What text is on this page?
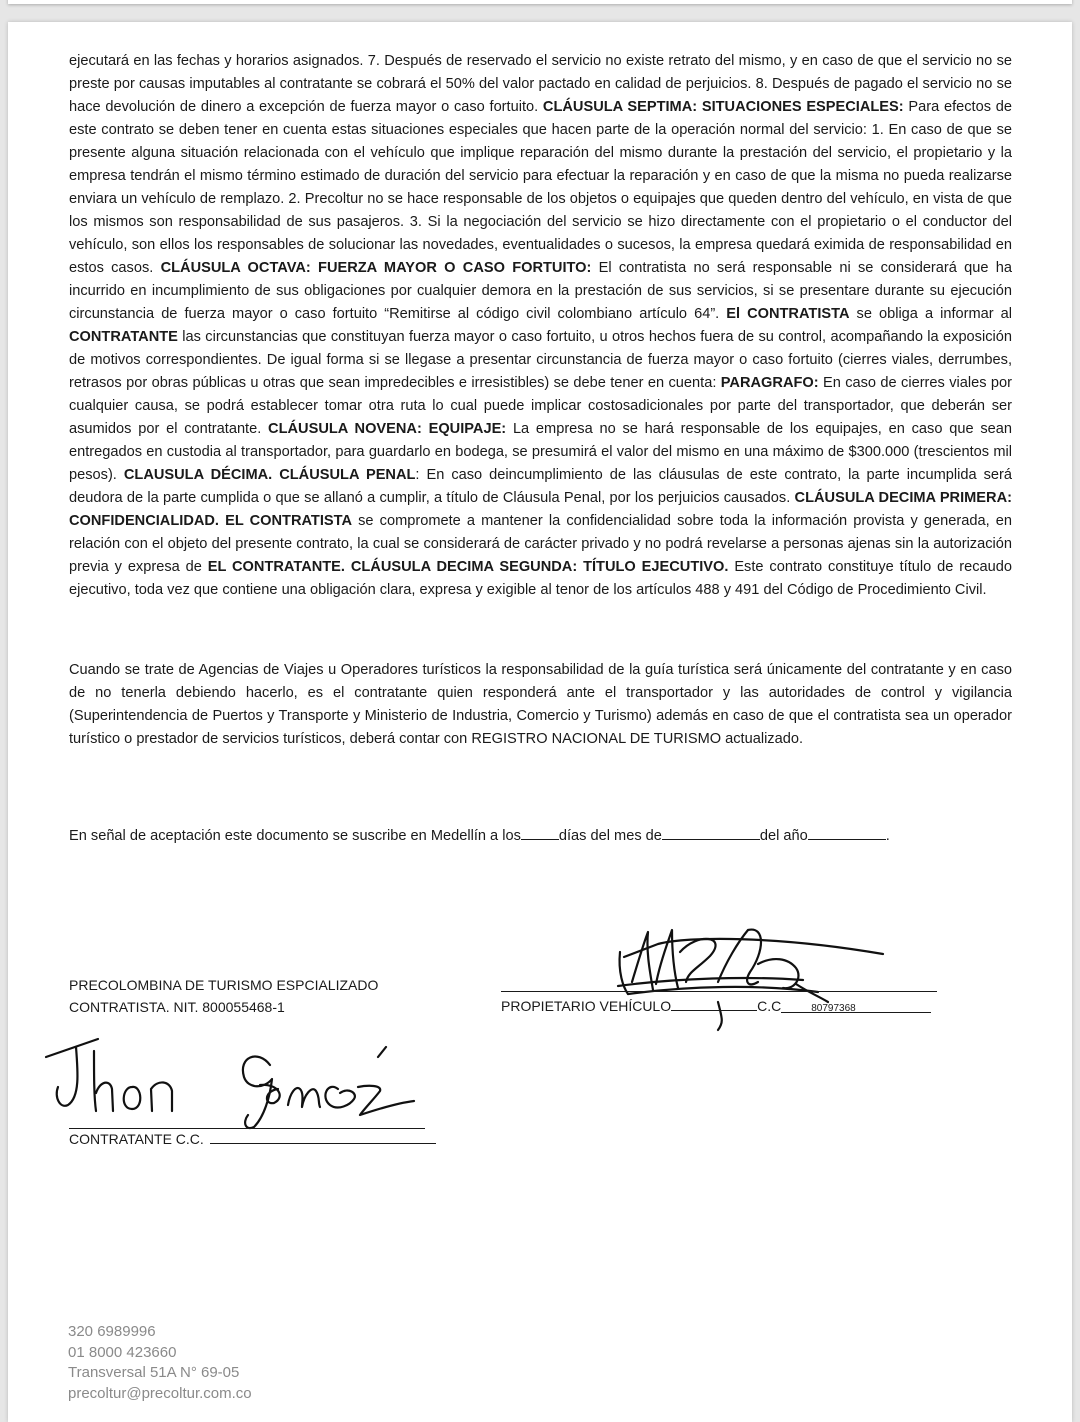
ejecutará en las fechas y horarios asignados. 7. Después de reservado el servicio no existe retrato del mismo, y en caso de que el servicio no se preste por causas imputables al contratante se cobrará el 50% del valor pactado en calidad de perjuicios. 8. Después de pagado el servicio no se hace devolución de dinero a excepción de fuerza mayor o caso fortuito. CLÁUSULA SEPTIMA: SITUACIONES ESPECIALES: Para efectos de este contrato se deben tener en cuenta estas situaciones especiales que hacen parte de la operación normal del servicio: 1. En caso de que se presente alguna situación relacionada con el vehículo que implique reparación del mismo durante la prestación del servicio, el propietario y la empresa tendrán el mismo término estimado de duración del servicio para efectuar la reparación y en caso de que la misma no pueda realizarse enviara un vehículo de remplazo. 2. Precoltur no se hace responsable de los objetos o equipajes que queden dentro del vehículo, en vista de que los mismos son responsabilidad de sus pasajeros. 3. Si la negociación del servicio se hizo directamente con el propietario o el conductor del vehículo, son ellos los responsables de solucionar las novedades, eventualidades o sucesos, la empresa quedará eximida de responsabilidad en estos casos. CLÁUSULA OCTAVA: FUERZA MAYOR O CASO FORTUITO: El contratista no será responsable ni se considerará que ha incurrido en incumplimiento de sus obligaciones por cualquier demora en la prestación de sus servicios, si se presentare durante su ejecución circunstancia de fuerza mayor o caso fortuito “Remitirse al código civil colombiano artículo 64”. El CONTRATISTA se obliga a informar al CONTRATANTE las circunstancias que constituyan fuerza mayor o caso fortuito, u otros hechos fuera de su control, acompañando la exposición de motivos correspondientes. De igual forma si se llegase a presentar circunstancia de fuerza mayor o caso fortuito (cierres viales, derrumbes, retrasos por obras públicas u otras que sean impredecibles e irresistibles) se debe tener en cuenta: PARAGRAFO: En caso de cierres viales por cualquier causa, se podrá establecer tomar otra ruta lo cual puede implicar costosadicionales por parte del transportador, que deberán ser asumidos por el contratante. CLÁUSULA NOVENA: EQUIPAJE: La empresa no se hará responsable de los equipajes, en caso que sean entregados en custodia al transportador, para guardarlo en bodega, se presumirá el valor del mismo en una máximo de $300.000 (trescientos mil pesos). CLAUSULA DÉCIMA. CLÁUSULA PENAL: En caso deincumplimiento de las cláusulas de este contrato, la parte incumplida será deudora de la parte cumplida o que se allanó a cumplir, a título de Cláusula Penal, por los perjuicios causados. CLÁUSULA DECIMA PRIMERA: CONFIDENCIALIDAD. EL CONTRATISTA se compromete a mantener la confidencialidad sobre toda la información provista y generada, en relación con el objeto del presente contrato, la cual se considerará de carácter privado y no podrá revelarse a personas ajenas sin la autorización previa y expresa de EL CONTRATANTE. CLÁUSULA DECIMA SEGUNDA: TÍTULO EJECUTIVO. Este contrato constituye título de recaudo ejecutivo, toda vez que contiene una obligación clara, expresa y exigible al tenor de los artículos 488 y 491 del Código de Procedimiento Civil.
Cuando se trate de Agencias de Viajes u Operadores turísticos la responsabilidad de la guía turística será únicamente del contratante y en caso de no tenerla debiendo hacerlo, es el contratante quien responderá ante el transportador y las autoridades de control y vigilancia (Superintendencia de Puertos y Transporte y Ministerio de Industria, Comercio y Turismo) además en caso de que el contratista sea un operador turístico o prestador de servicios turísticos, deberá contar con REGISTRO NACIONAL DE TURISMO actualizado.
En señal de aceptación este documento se suscribe en Medellín a los	días del mes de	del año	.
PRECOLOMBINA DE TURISMO ESPCIALIZADO
CONTRATISTA. NIT. 800055468-1	PROPIETARIO VEHÍCULO	C.C	80797368
CONTRATANTE C.C.
320 6989996
01 8000 423660
Transversal 51A N° 69-05
precoltur@precoltur.com.co
